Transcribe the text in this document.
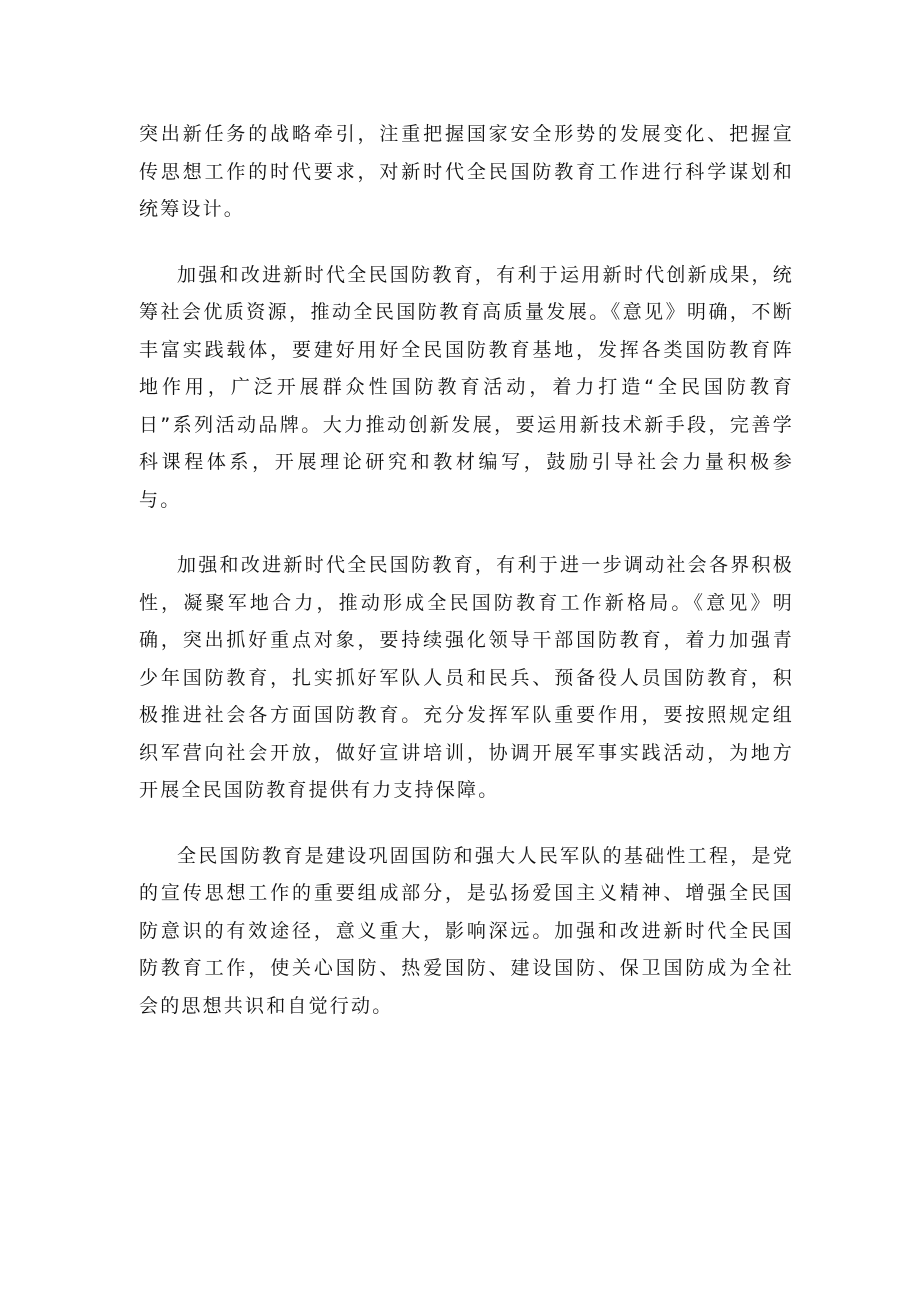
突出新任务的战略牵引，注重把握国家安全形势的发展变化、把握宣传思想工作的时代要求，对新时代全民国防教育工作进行科学谋划和统筹设计。

加强和改进新时代全民国防教育，有利于运用新时代创新成果，统筹社会优质资源，推动全民国防教育高质量发展。《意见》明确，不断丰富实践载体，要建好用好全民国防教育基地，发挥各类国防教育阵地作用，广泛开展群众性国防教育活动，着力打造“全民国防教育日”系列活动品牌。大力推动创新发展，要运用新技术新手段，完善学科课程体系，开展理论研究和教材编写，鼓励引导社会力量积极参与。

加强和改进新时代全民国防教育，有利于进一步调动社会各界积极性，凝聚军地合力，推动形成全民国防教育工作新格局。《意见》明确，突出抓好重点对象，要持续强化领导干部国防教育，着力加强青少年国防教育，扎实抓好军队人员和民兵、预备役人员国防教育，积极推进社会各方面国防教育。充分发挥军队重要作用，要按照规定组织军营向社会开放，做好宣讲培训，协调开展军事实践活动，为地方开展全民国防教育提供有力支持保障。

全民国防教育是建设巩固国防和强大人民军队的基础性工程，是党的宣传思想工作的重要组成部分，是弘扬爱国主义精神、增强全民国防意识的有效途径，意义重大，影响深远。加强和改进新时代全民国防教育工作，使关心国防、热爱国防、建设国防、保卫国防成为全社会的思想共识和自觉行动。
